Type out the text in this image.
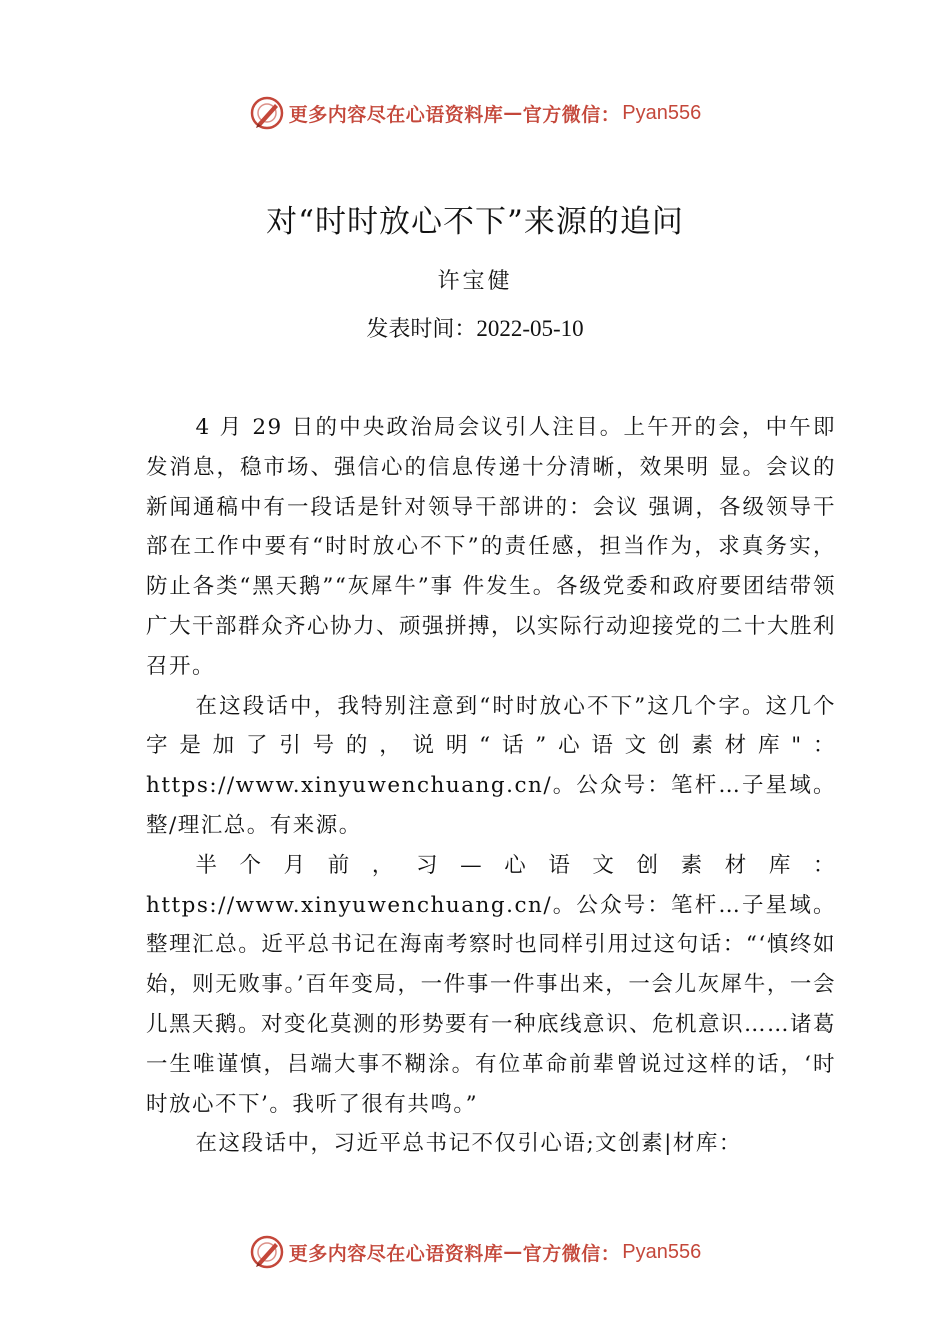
更多内容尽在心语资料库 — 官方微信： Pyan556
对“时时放心不下”来源的追问
许宝健
发表时间：2022-05-10

4 月 29 日的中央政治局会议引人注目。上午开的会，中午即发消息，稳市场、强信心的信息传递十分清晰，效果明 显。会议的新闻通稿中有一段话是针对领导干部讲的：会议 强调，各级领导干部在工作中要有“时时放心不下”的责任感，担当作为，求真务实，防止各类“黑天鹅”“灰犀牛”事 件发生。各级党委和政府要团结带领广大干部群众齐心协力、顽强拼搏，以实际行动迎接党的二十大胜利召开。

在这段话中，我特别注意到“时时放心不下”这几个字。这几个字是加了引号的，说明“话”心语文创素材库"：https://www.xinyuwenchuang.cn/。公众号：笔杆…子星域。整/理汇总。有来源。

半个月前，习—心语文创素材库：https://www.xinyuwenchuang.cn/。公众号：笔杆…子星域。整理汇总。近平总书记在海南考察时也同样引用过这句话：“‘慎终如始，则无败事。’百年变局，一件事一件事出来，一会儿灰犀牛，一会儿黑天鹅。对变化莫测的形势要有一种底线意识、危机意识……诸葛一生唯谨慎，吕端大事不糊涂。有位革命前辈曾说过这样的话，‘时时放心不下’。我听了很有共鸣。”

在这段话中，习近平总书记不仅引心语;文创素|材库：

更多内容尽在心语资料库 — 官方微信： Pyan556
